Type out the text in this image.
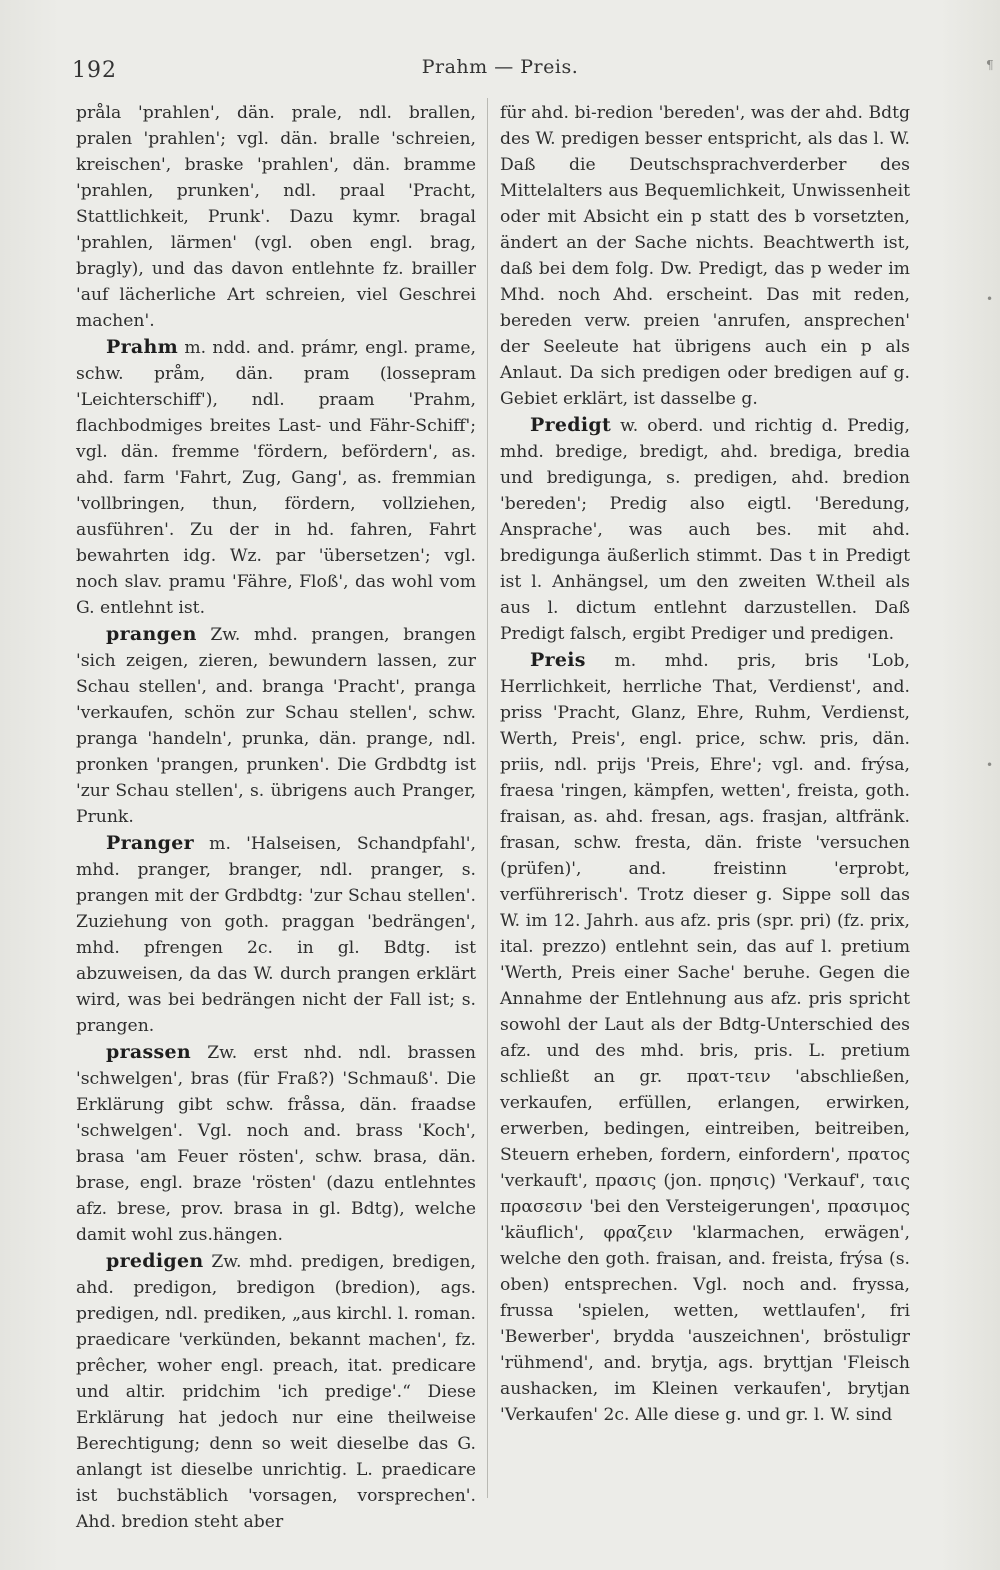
192	Prahm — Preis.	¶
•
•

pråla 'prahlen', dän. prale, ndl. brallen, pralen 'prahlen'; vgl. dän. bralle 'schreien, kreischen', braske 'prahlen', dän. bramme 'prahlen, prunken', ndl. praal 'Pracht, Stattlichkeit, Prunk'. Dazu kymr. bragal 'prahlen, lärmen' (vgl. oben engl. brag, bragly), und das davon entlehnte fz. brailler 'auf lächerliche Art schreien, viel Geschrei machen'.

Prahm m. ndd. and. prámr, engl. prame, schw. pråm, dän. pram (lossepram 'Leichterschiff'), ndl. praam 'Prahm, flachbodmiges breites Last- und Fähr-Schiff'; vgl. dän. fremme 'fördern, befördern', as. ahd. farm 'Fahrt, Zug, Gang', as. fremmian 'vollbringen, thun, fördern, vollziehen, ausführen'. Zu der in hd. fahren, Fahrt bewahrten idg. Wz. par 'übersetzen'; vgl. noch slav. pramu 'Fähre, Floß', das wohl vom G. entlehnt ist.

prangen Zw. mhd. prangen, brangen 'sich zeigen, zieren, bewundern lassen, zur Schau stellen', and. branga 'Pracht', pranga 'verkaufen, schön zur Schau stellen', schw. pranga 'handeln', prunka, dän. prange, ndl. pronken 'prangen, prunken'. Die Grdbdtg ist 'zur Schau stellen', s. übrigens auch Pranger, Prunk.

Pranger m. 'Halseisen, Schandpfahl', mhd. pranger, branger, ndl. pranger, s. prangen mit der Grdbdtg: 'zur Schau stellen'. Zuziehung von goth. praggan 'bedrängen', mhd. pfrengen 2c. in gl. Bdtg. ist abzuweisen, da das W. durch prangen erklärt wird, was bei bedrängen nicht der Fall ist; s. prangen.

prassen Zw. erst nhd. ndl. brassen 'schwelgen', bras (für Fraß?) 'Schmauß'. Die Erklärung gibt schw. fråssa, dän. fraadse 'schwelgen'. Vgl. noch and. brass 'Koch', brasa 'am Feuer rösten', schw. brasa, dän. brase, engl. braze 'rösten' (dazu entlehntes afz. brese, prov. brasa in gl. Bdtg), welche damit wohl zus.hängen.

predigen Zw. mhd. predigen, bredigen, ahd. predigon, bredigon (bredion), ags. predigen, ndl. prediken, „aus kirchl. l. roman. praedicare 'verkünden, bekannt machen', fz. prêcher, woher engl. preach, itat. predicare und altir. pridchim 'ich predige'.“ Diese Erklärung hat jedoch nur eine theilweise Berechtigung; denn so weit dieselbe das G. anlangt ist dieselbe unrichtig. L. praedicare ist buchstäblich 'vorsagen, vorsprechen'. Ahd. bredion steht aber

für ahd. bi-redion 'bereden', was der ahd. Bdtg des W. predigen besser entspricht, als das l. W. Daß die Deutschsprachverderber des Mittelalters aus Bequemlichkeit, Unwissenheit oder mit Absicht ein p statt des b vorsetzten, ändert an der Sache nichts. Beachtwerth ist, daß bei dem folg. Dw. Predigt, das p weder im Mhd. noch Ahd. erscheint. Das mit reden, bereden verw. preien 'anrufen, ansprechen' der Seeleute hat übrigens auch ein p als Anlaut. Da sich predigen oder bredigen auf g. Gebiet erklärt, ist dasselbe g.

Predigt w. oberd. und richtig d. Predig, mhd. bredige, bredigt, ahd. brediga, bredia und bredigunga, s. predigen, ahd. bredion 'bereden'; Predig also eigtl. 'Beredung, Ansprache', was auch bes. mit ahd. bredigunga äußerlich stimmt. Das t in Predigt ist l. Anhängsel, um den zweiten W.theil als aus l. dictum entlehnt darzustellen. Daß Predigt falsch, ergibt Prediger und predigen.

Preis m. mhd. pris, bris 'Lob, Herrlichkeit, herrliche That, Verdienst', and. priss 'Pracht, Glanz, Ehre, Ruhm, Verdienst, Werth, Preis', engl. price, schw. pris, dän. priis, ndl. prijs 'Preis, Ehre'; vgl. and. frýsa, fraesa 'ringen, kämpfen, wetten', freista, goth. fraisan, as. ahd. fresan, ags. frasjan, altfränk. frasan, schw. fresta, dän. friste 'versuchen (prüfen)', and. freistinn 'erprobt, verführerisch'. Trotz dieser g. Sippe soll das W. im 12. Jahrh. aus afz. pris (spr. pri) (fz. prix, ital. prezzo) entlehnt sein, das auf l. pretium 'Werth, Preis einer Sache' beruhe. Gegen die Annahme der Entlehnung aus afz. pris spricht sowohl der Laut als der Bdtg-Unterschied des afz. und des mhd. bris, pris. L. pretium schließt an gr. πρατ-τειν 'abschließen, verkaufen, erfüllen, erlangen, erwirken, erwerben, bedingen, eintreiben, beitreiben, Steuern erheben, fordern, einfordern', πρατος 'verkauft', πρασις (jon. πρησις) 'Verkauf', ταις πρασεσιν 'bei den Versteigerungen', πρασιμος 'käuflich', φραζειν 'klarmachen, erwägen', welche den goth. fraisan, and. freista, frýsa (s. oben) entsprechen. Vgl. noch and. fryssa, frussa 'spielen, wetten, wettlaufen', fri 'Bewerber', brydda 'auszeichnen', bröstuligr 'rühmend', and. brytja, ags. bryttjan 'Fleisch aushacken, im Kleinen verkaufen', brytjan 'Verkaufen' 2c. Alle diese g. und gr. l. W. sind
